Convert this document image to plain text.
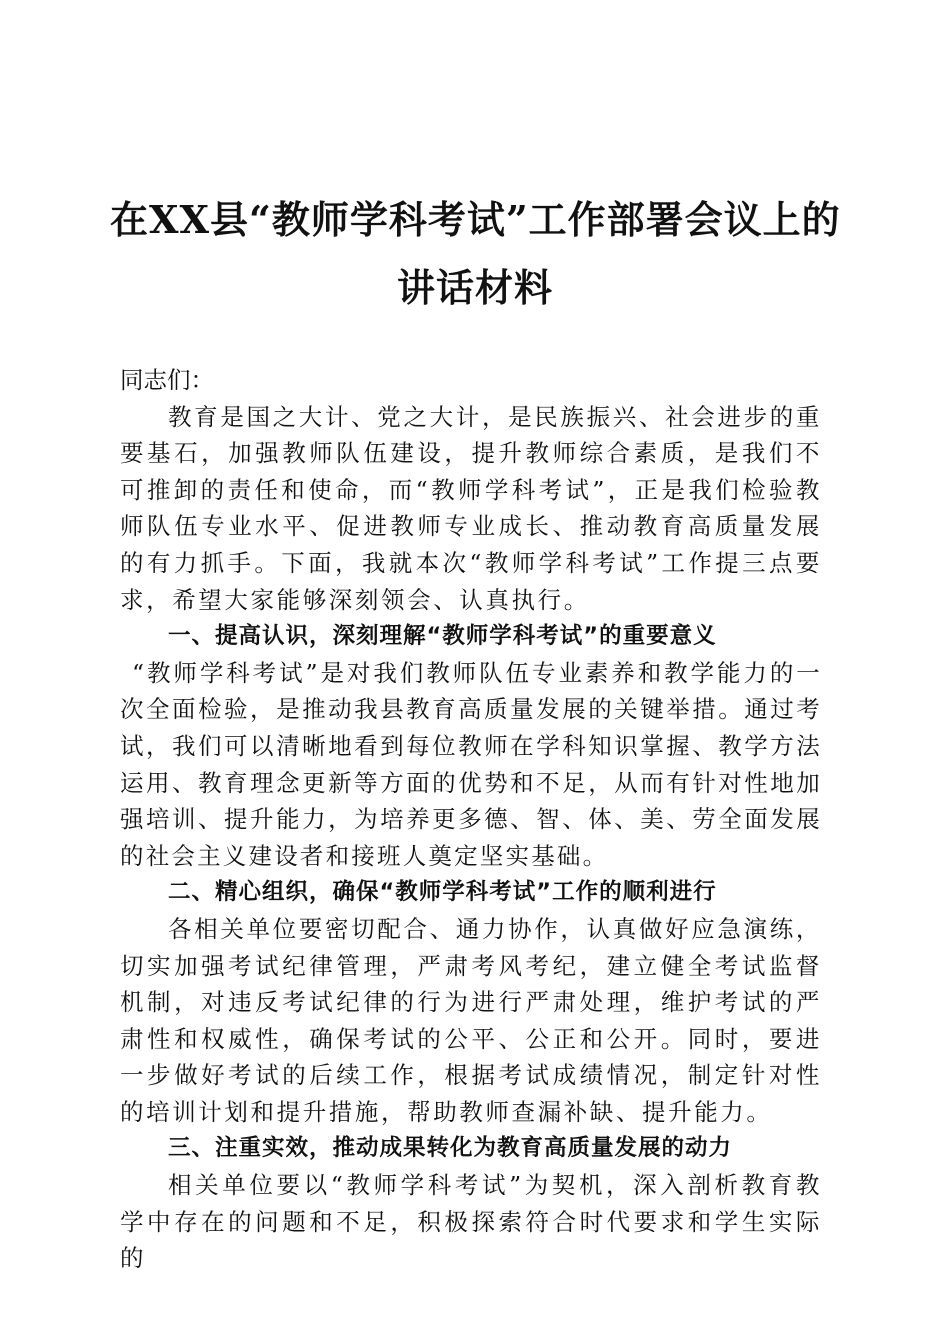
在XX县“教师学科考试”工作部署会议上的
讲话材料

同志们：

教育是国之大计、党之大计，是民族振兴、社会进步的重要基石，加强教师队伍建设，提升教师综合素质，是我们不可推卸的责任和使命，而“教师学科考试”，正是我们检验教师队伍专业水平、促进教师专业成长、推动教育高质量发展的有力抓手。下面，我就本次“教师学科考试”工作提三点要求，希望大家能够深刻领会、认真执行。

一、提高认识，深刻理解“教师学科考试”的重要意义

“教师学科考试”是对我们教师队伍专业素养和教学能力的一次全面检验，是推动我县教育高质量发展的关键举措。通过考试，我们可以清晰地看到每位教师在学科知识掌握、教学方法运用、教育理念更新等方面的优势和不足，从而有针对性地加强培训、提升能力，为培养更多德、智、体、美、劳全面发展的社会主义建设者和接班人奠定坚实基础。

二、精心组织，确保“教师学科考试”工作的顺利进行

各相关单位要密切配合、通力协作，认真做好应急演练，切实加强考试纪律管理，严肃考风考纪，建立健全考试监督机制，对违反考试纪律的行为进行严肃处理，维护考试的严肃性和权威性，确保考试的公平、公正和公开。同时，要进一步做好考试的后续工作，根据考试成绩情况，制定针对性的培训计划和提升措施，帮助教师查漏补缺、提升能力。

三、注重实效，推动成果转化为教育高质量发展的动力

相关单位要以“教师学科考试”为契机，深入剖析教育教学中存在的问题和不足，积极探索符合时代要求和学生实际的
